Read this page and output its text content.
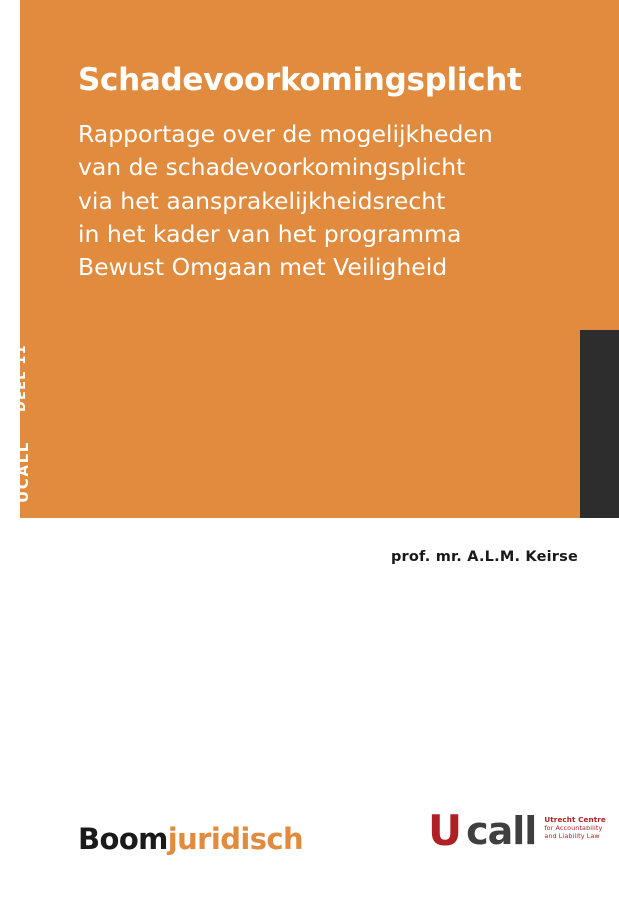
Schadevoorkomingsplicht
Rapportage over de mogelijkheden
van de schadevoorkomingsplicht
via het aansprakelijkheidsrecht
in het kader van het programma
Bewust Omgaan met Veiligheid
DEEL 11
UCALL
prof. mr. A.L.M. Keirse
Boomjuridisch	U call Utrecht Centre
for Accountability
and Liability Law
